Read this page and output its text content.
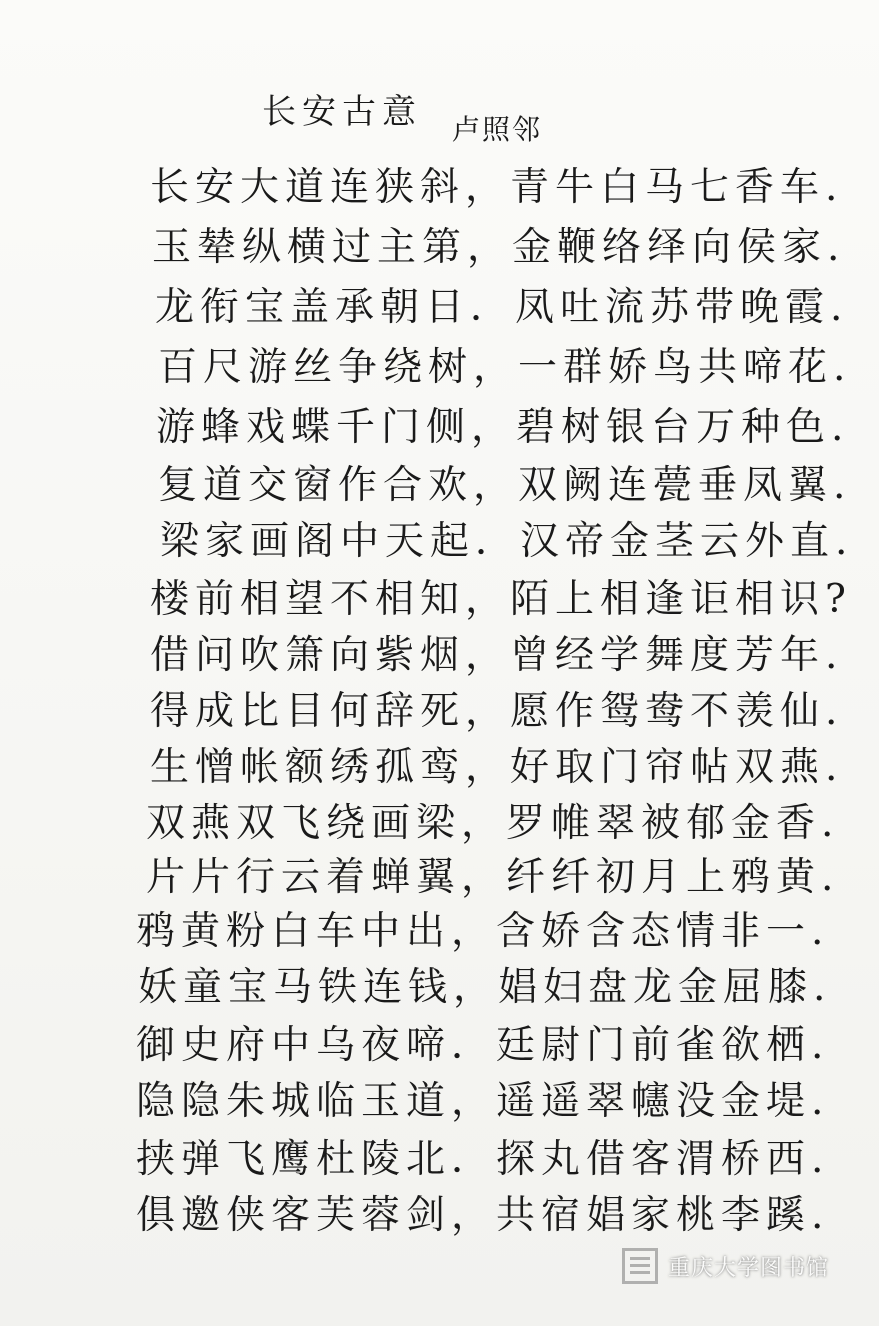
长安古意 卢照邻
长安大道连狭斜，青牛白马七香车.
玉辇纵横过主第，金鞭络绎向侯家.
龙衔宝盖承朝日．凤吐流苏带晚霞.
百尺游丝争绕树，一群娇鸟共啼花.
游蜂戏蝶千门侧，碧树银台万种色.
复道交窗作合欢，双阙连甍垂凤翼.
梁家画阁中天起．汉帝金茎云外直.
楼前相望不相知，陌上相逢讵相识?
借问吹箫向紫烟，曾经学舞度芳年.
得成比目何辞死，愿作鸳鸯不羡仙.
生憎帐额绣孤鸾，好取门帘帖双燕.
双燕双飞绕画梁，罗帷翠被郁金香.
片片行云着蝉翼，纤纤初月上鸦黄.
鸦黄粉白车中出，含娇含态情非一.
妖童宝马铁连钱，娼妇盘龙金屈膝.
御史府中乌夜啼．廷尉门前雀欲栖.
隐隐朱城临玉道，遥遥翠幰没金堤.
挟弹飞鹰杜陵北．探丸借客渭桥西.
俱邀侠客芙蓉剑，共宿娼家桃李蹊.
重庆大学图书馆
